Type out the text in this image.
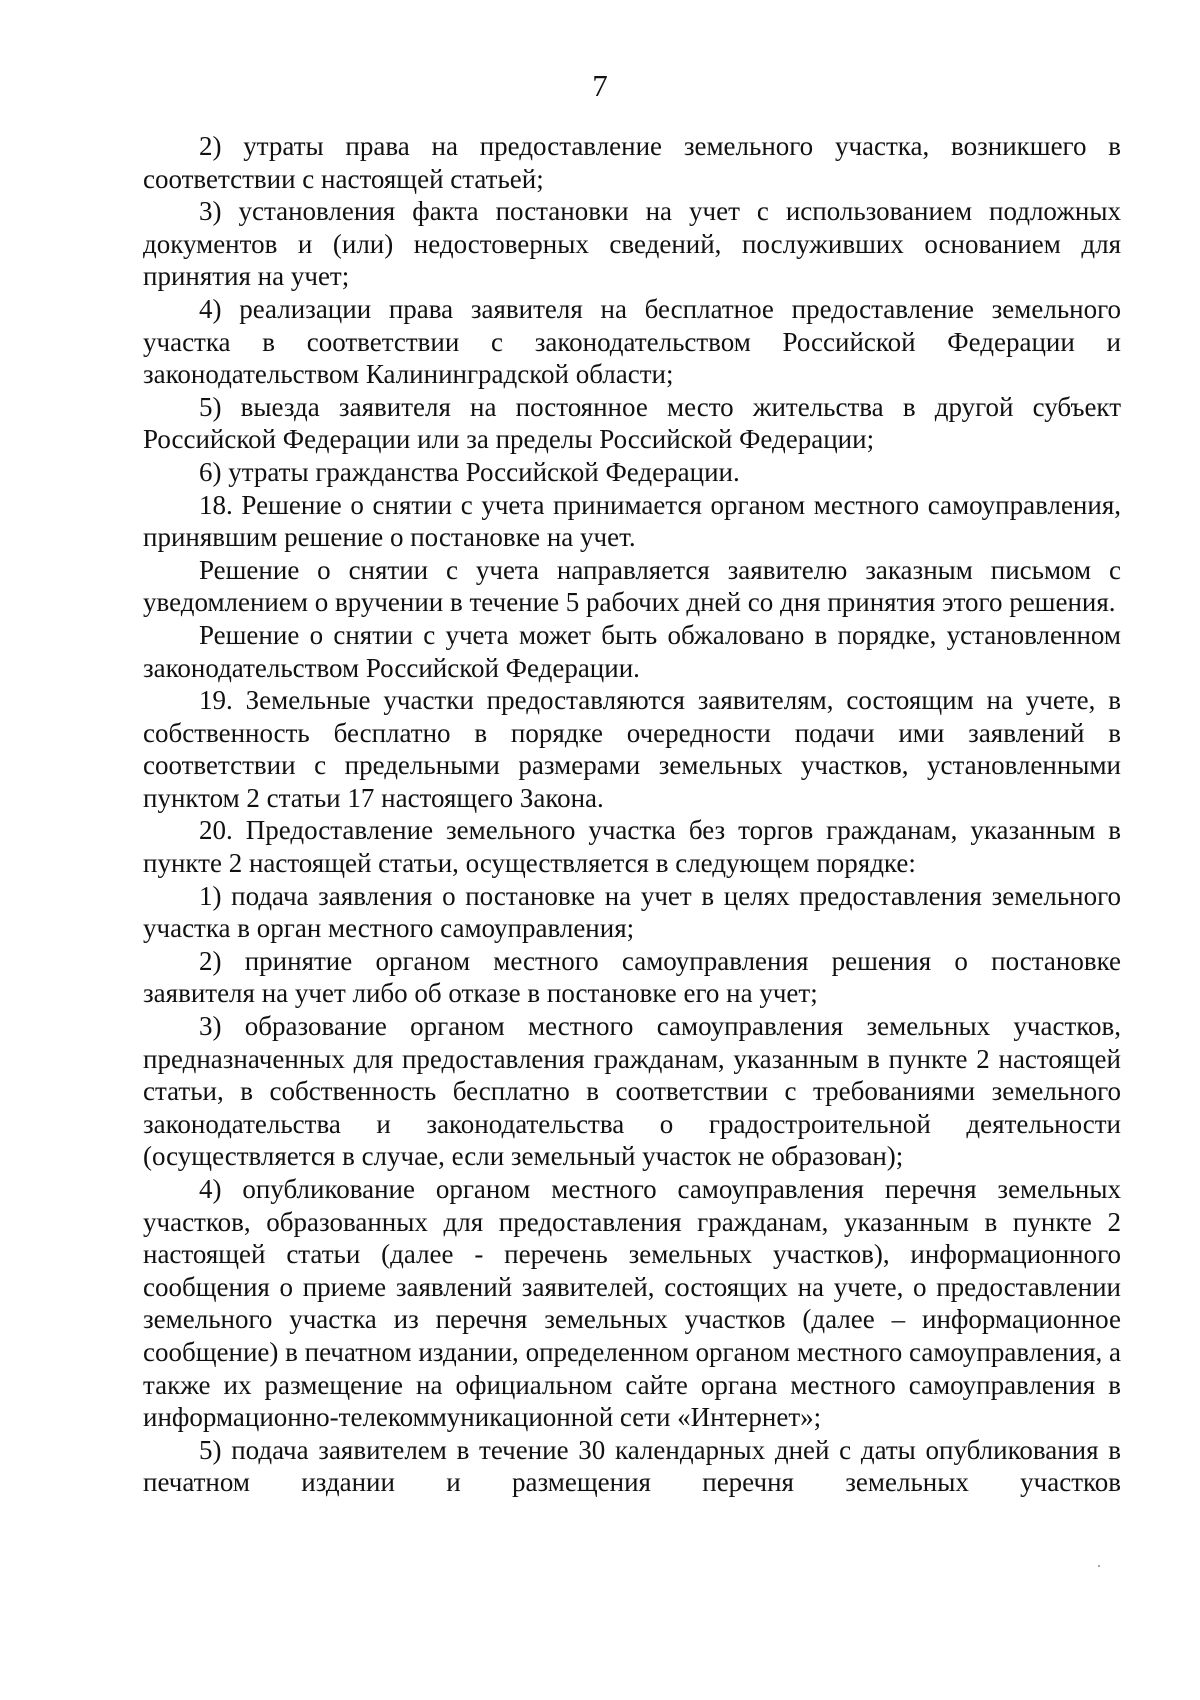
7

2) утраты права на предоставление земельного участка, возникшего в соответствии с настоящей статьей;

3) установления факта постановки на учет с использованием подложных документов и (или) недостоверных сведений, послуживших основанием для принятия на учет;

4) реализации права заявителя на бесплатное предоставление земельного участка в соответствии с законодательством Российской Федерации и законодательством Калининградской области;

5) выезда заявителя на постоянное место жительства в другой субъект Российской Федерации или за пределы Российской Федерации;

6) утраты гражданства Российской Федерации.

18. Решение о снятии с учета принимается органом местного самоуправления, принявшим решение о постановке на учет.

Решение о снятии с учета направляется заявителю заказным письмом с уведомлением о вручении в течение 5 рабочих дней со дня принятия этого решения.

Решение о снятии с учета может быть обжаловано в порядке, установленном законодательством Российской Федерации.

19. Земельные участки предоставляются заявителям, состоящим на учете, в собственность бесплатно в порядке очередности подачи ими заявлений в соответствии с предельными размерами земельных участков, установленными пунктом 2 статьи 17 настоящего Закона.

20. Предоставление земельного участка без торгов гражданам, указанным в пункте 2 настоящей статьи, осуществляется в следующем порядке:

1) подача заявления о постановке на учет в целях предоставления земельного участка в орган местного самоуправления;

2) принятие органом местного самоуправления решения о постановке заявителя на учет либо об отказе в постановке его на учет;

3) образование органом местного самоуправления земельных участков, предназначенных для предоставления гражданам, указанным в пункте 2 настоящей статьи, в собственность бесплатно в соответствии с требованиями земельного законодательства и законодательства о градостроительной деятельности (осуществляется в случае, если земельный участок не образован);

4) опубликование органом местного самоуправления перечня земельных участков, образованных для предоставления гражданам, указанным в пункте 2 настоящей статьи (далее - перечень земельных участков), информационного сообщения о приеме заявлений заявителей, состоящих на учете, о предоставлении земельного участка из перечня земельных участков (далее – информационное сообщение) в печатном издании, определенном органом местного самоуправления, а также их размещение на официальном сайте органа местного самоуправления в информационно-телекоммуникационной сети «Интернет»;

5) подача заявителем в течение 30 календарных дней с даты опубликования в печатном издании и размещения перечня земельных участков
